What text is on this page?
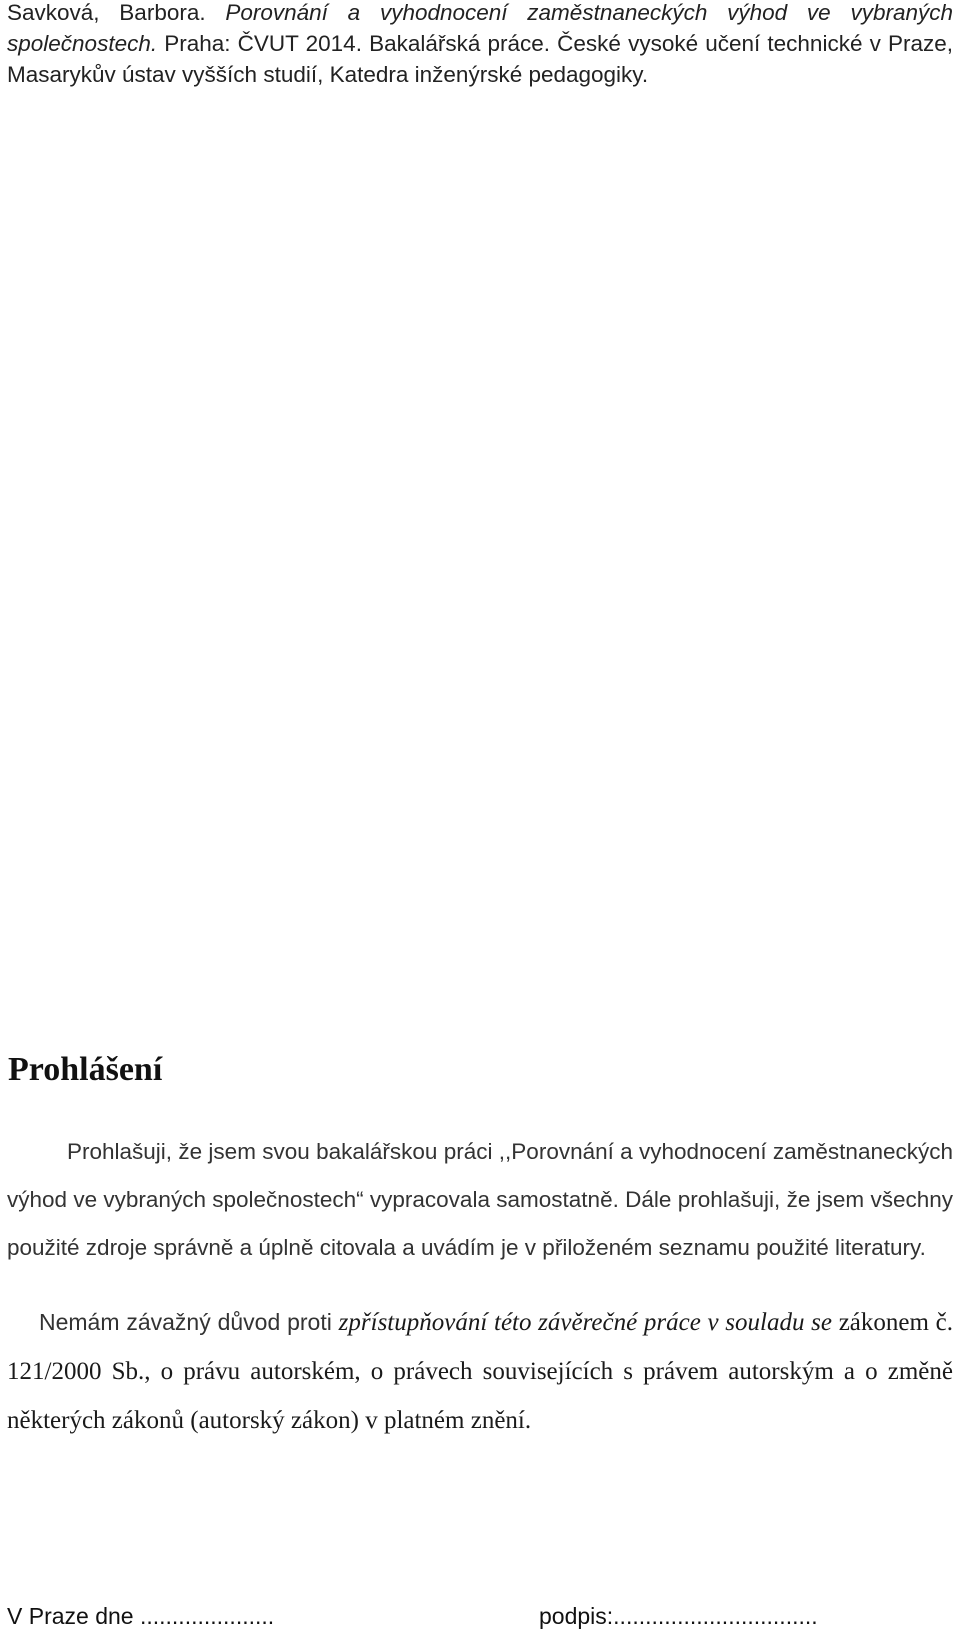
Savková, Barbora. Porovnání a vyhodnocení zaměstnaneckých výhod ve vybraných společnostech. Praha: ČVUT 2014. Bakalářská práce. České vysoké učení technické v Praze, Masarykův ústav vyšších studií, Katedra inženýrské pedagogiky.
Prohlášení
Prohlašuji, že jsem svou bakalářskou práci ,,Porovnání a vyhodnocení zaměstnaneckých výhod ve vybraných společnostech“ vypracovala samostatně. Dále prohlašuji, že jsem všechny použité zdroje správně a úplně citovala a uvádím je v přiloženém seznamu použité literatury.
Nemám závažný důvod proti zpřístupňování této závěrečné práce v souladu se zákonem č. 121/2000 Sb., o právu autorském, o právech souvisejících s právem autorským a o změně některých zákonů (autorský zákon) v platném znění.
V Praze dne .....................	podpis:................................
